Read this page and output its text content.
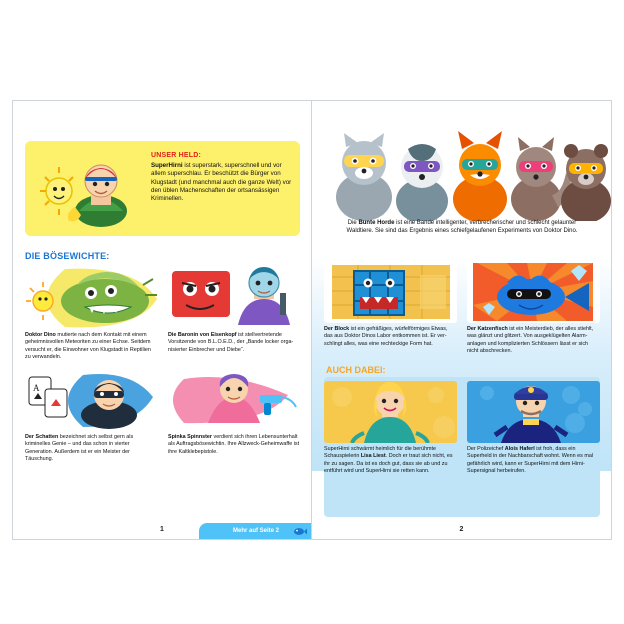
UNSER HELD:
SuperHirni ist superstark, superschnell und vor allem superschlau. Er beschützt die Bürger von Klugstadt (und manchmal auch die ganze Welt) vor den üblen Machenschaften der ortsansässigen Kriminellen.
DIE BÖSEWICHTE:
Doktor Dino mutierte nach dem Kontakt mit einem geheimnisvollen Meteoriten zu einer Echse. Seitdem versucht er, die Einwohner von Klugstadt in Reptilien zu verwandeln.
Die Baronin von Eisenkopf ist stellvertretende Vorsitzende von B.L.O.E.D., der „Bande locker organisierter Einbrecher und Diebe“.
A
Der Schatten bezeichnet sich selbst gern als kriminelles Genie – und das schon in vierter Generation. Außerdem ist er ein Meister der Täuschung.
Spinka Spinnster verdient sich ihren Lebensunterhalt als Auftragsbösewichtin. Ihre Allzweck-Geheimwaffe ist ihre Kaltklebepistole.
1	Mehr auf Seite 2
Die Bunte Horde ist eine Bande intelligenter, verbrecherischer und schlecht gelaunter Waldtiere. Sie sind das Ergebnis eines schiefgelaufenen Experiments von Doktor Dino.
Der Block ist ein gefräßiges, würfelförmiges Etwas, das aus Doktor Dinos Labor entkommen ist. Er verschlingt alles, was eine rechteckige Form hat.
Der Katzenfisch ist ein Meisterdieb, der alles stiehlt, was glänzt und glitzert. Von ausgeklügelten Alarmanlagen und komplizierten Schlössern lässt er sich nicht abschrecken.
AUCH DABEI:
SuperHirni schwärmt heimlich für die berühmte Schauspielerin Lisa Liest. Doch er traut sich nicht, es ihr zu sagen. Da ist es doch gut, dass sie ab und zu entführt wird und SuperHirni sie retten kann.
Der Polizeichef Alois Haferl ist froh, dass ein Superheld in der Nachbarschaft wohnt. Wenn es mal gefährlich wird, kann er SuperHirni mit dem Hirni-Supersignal herbeirufen.
2
